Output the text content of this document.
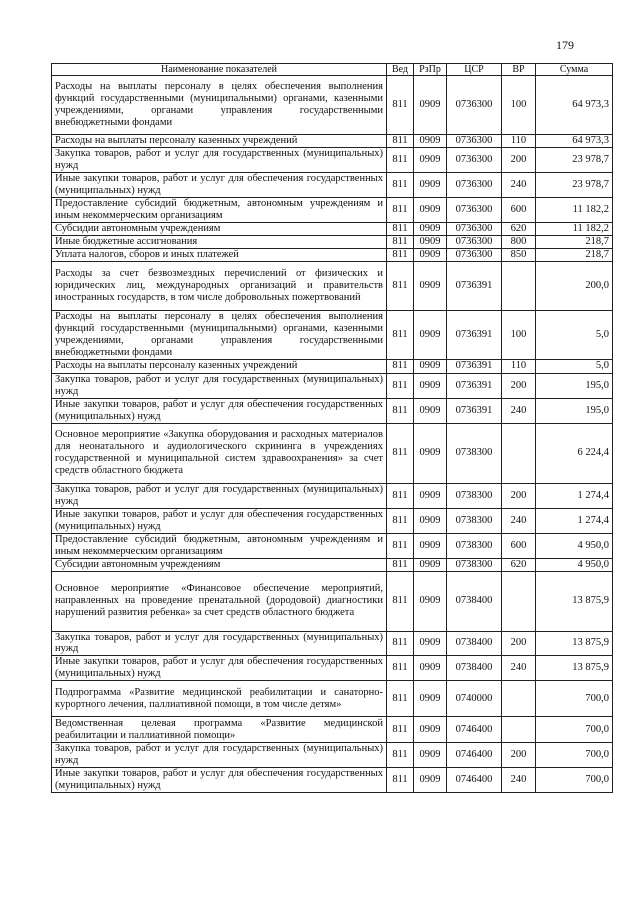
179
Наименование показателей	Вед	РзПр	ЦСР	ВР	Сумма
Расходы на выплаты персоналу в целях обеспечения выполнения функций государственными (муниципальными) органами, казенными учреждениями, органами управления государственными внебюджетными фондами	811	0909	0736300	100	64 973,3
Расходы на выплаты персоналу казенных учреждений	811	0909	0736300	110	64 973,3
Закупка товаров, работ и услуг для государственных (муниципальных) нужд	811	0909	0736300	200	23 978,7
Иные закупки товаров, работ и услуг для обеспечения государственных (муниципальных) нужд	811	0909	0736300	240	23 978,7
Предоставление субсидий бюджетным, автономным учреждениям и иным некоммерческим организациям	811	0909	0736300	600	11 182,2
Субсидии автономным учреждениям	811	0909	0736300	620	11 182,2
Иные бюджетные ассигнования	811	0909	0736300	800	218,7
Уплата налогов, сборов и иных платежей	811	0909	0736300	850	218,7
Расходы за счет безвозмездных перечислений от физических и юридических лиц, международных организаций и правительств иностранных государств, в том числе добровольных пожертвований	811	0909	0736391		200,0
Расходы на выплаты персоналу в целях обеспечения выполнения функций государственными (муниципальными) органами, казенными учреждениями, органами управления государственными внебюджетными фондами	811	0909	0736391	100	5,0
Расходы на выплаты персоналу казенных учреждений	811	0909	0736391	110	5,0
Закупка товаров, работ и услуг для государственных (муниципальных) нужд	811	0909	0736391	200	195,0
Иные закупки товаров, работ и услуг для обеспечения государственных (муниципальных) нужд	811	0909	0736391	240	195,0
Основное мероприятие «Закупка оборудования и расходных материалов для неонатального и аудиологического скрининга в учреждениях государственной и муниципальной систем здравоохранения» за счет средств областного бюджета	811	0909	0738300		6 224,4
Закупка товаров, работ и услуг для государственных (муниципальных) нужд	811	0909	0738300	200	1 274,4
Иные закупки товаров, работ и услуг для обеспечения государственных (муниципальных) нужд	811	0909	0738300	240	1 274,4
Предоставление субсидий бюджетным, автономным учреждениям и иным некоммерческим организациям	811	0909	0738300	600	4 950,0
Субсидии автономным учреждениям	811	0909	0738300	620	4 950,0
Основное мероприятие «Финансовое обеспечение мероприятий, направленных на проведение пренатальной (дородовой) диагностики нарушений развития ребенка» за счет средств областного бюджета	811	0909	0738400		13 875,9
Закупка товаров, работ и услуг для государственных (муниципальных) нужд	811	0909	0738400	200	13 875,9
Иные закупки товаров, работ и услуг для обеспечения государственных (муниципальных) нужд	811	0909	0738400	240	13 875,9
Подпрограмма «Развитие медицинской реабилитации и санаторно-курортного лечения, паллиативной помощи, в том числе детям»	811	0909	0740000		700,0
Ведомственная целевая программа «Развитие медицинской реабилитации и паллиативной помощи»	811	0909	0746400		700,0
Закупка товаров, работ и услуг для государственных (муниципальных) нужд	811	0909	0746400	200	700,0
Иные закупки товаров, работ и услуг для обеспечения государственных (муниципальных) нужд	811	0909	0746400	240	700,0
